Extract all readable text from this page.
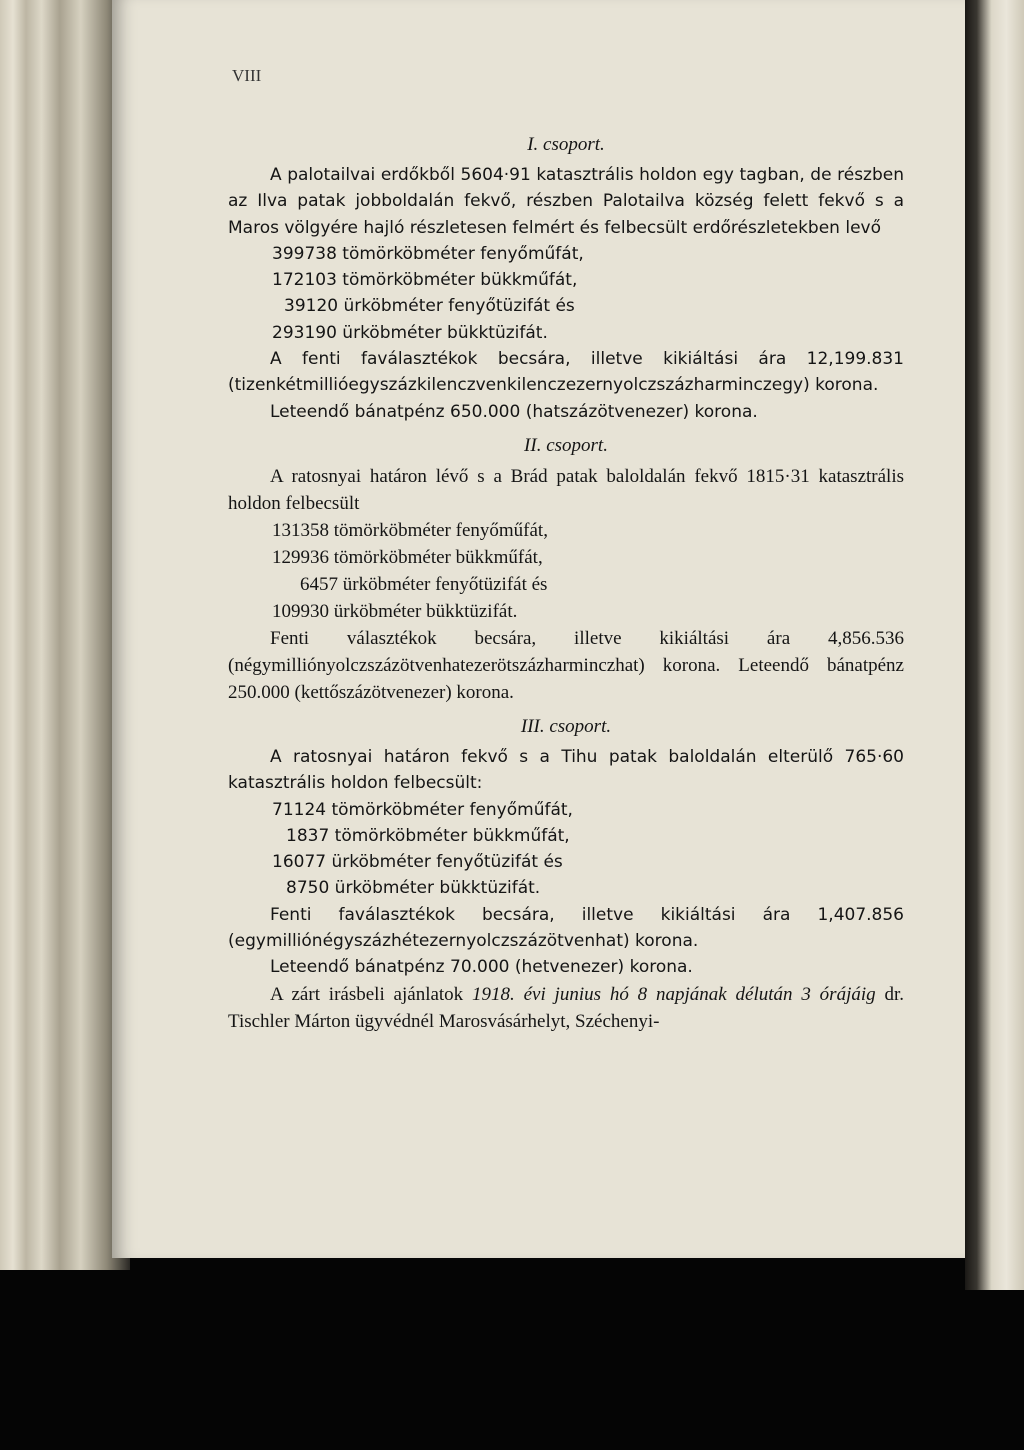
VIII
I. csoport.

A palotailvai erdőkből 5604·91 katasztrális holdon egy tagban, de részben az Ilva patak jobboldalán fekvő, részben Palotailva község felett fekvő s a Maros völgyére hajló részletesen felmért és felbecsült erdőrészletekben levő

399738 tömörköbméter fenyőműfát,

172103 tömörköbméter bükkműfát,

39120 ürköbméter fenyőtüzifát és

293190 ürköbméter bükktüzifát.

A fenti faválasztékok becsára, illetve kikiáltási ára 12,199.831 (tizenkétmillióegyszázkilenczvenkilenczezernyolczszázharminczegy) korona.

Leteendő bánatpénz 650.000 (hatszázötvenezer) korona.

II. csoport.

A ratosnyai határon lévő s a Brád patak baloldalán fekvő 1815·31 katasztrális holdon felbecsült

131358 tömörköbméter fenyőműfát,

129936 tömörköbméter bükkműfát,

6457 ürköbméter fenyőtüzifát és

109930 ürköbméter bükktüzifát.

Fenti választékok becsára, illetve kikiáltási ára 4,856.536 (négymilliónyolczszázötvenhatezerötszázharminczhat) korona. Leteendő bánatpénz 250.000 (kettőszázötvenezer) korona.

III. csoport.

A ratosnyai határon fekvő s a Tihu patak baloldalán elterülő 765·60 katasztrális holdon felbecsült:

71124 tömörköbméter fenyőműfát,

1837 tömörköbméter bükkműfát,

16077 ürköbméter fenyőtüzifát és

8750 ürköbméter bükktüzifát.

Fenti faválasztékok becsára, illetve kikiáltási ára 1,407.856 (egymilliónégyszázhétezernyolczszázötvenhat) korona.

Leteendő bánatpénz 70.000 (hetvenezer) korona.

A zárt irásbeli ajánlatok 1918. évi junius hó 8 napjának délután 3 órájáig dr. Tischler Márton ügyvédnél Marosvásárhelyt, Széchenyi-
